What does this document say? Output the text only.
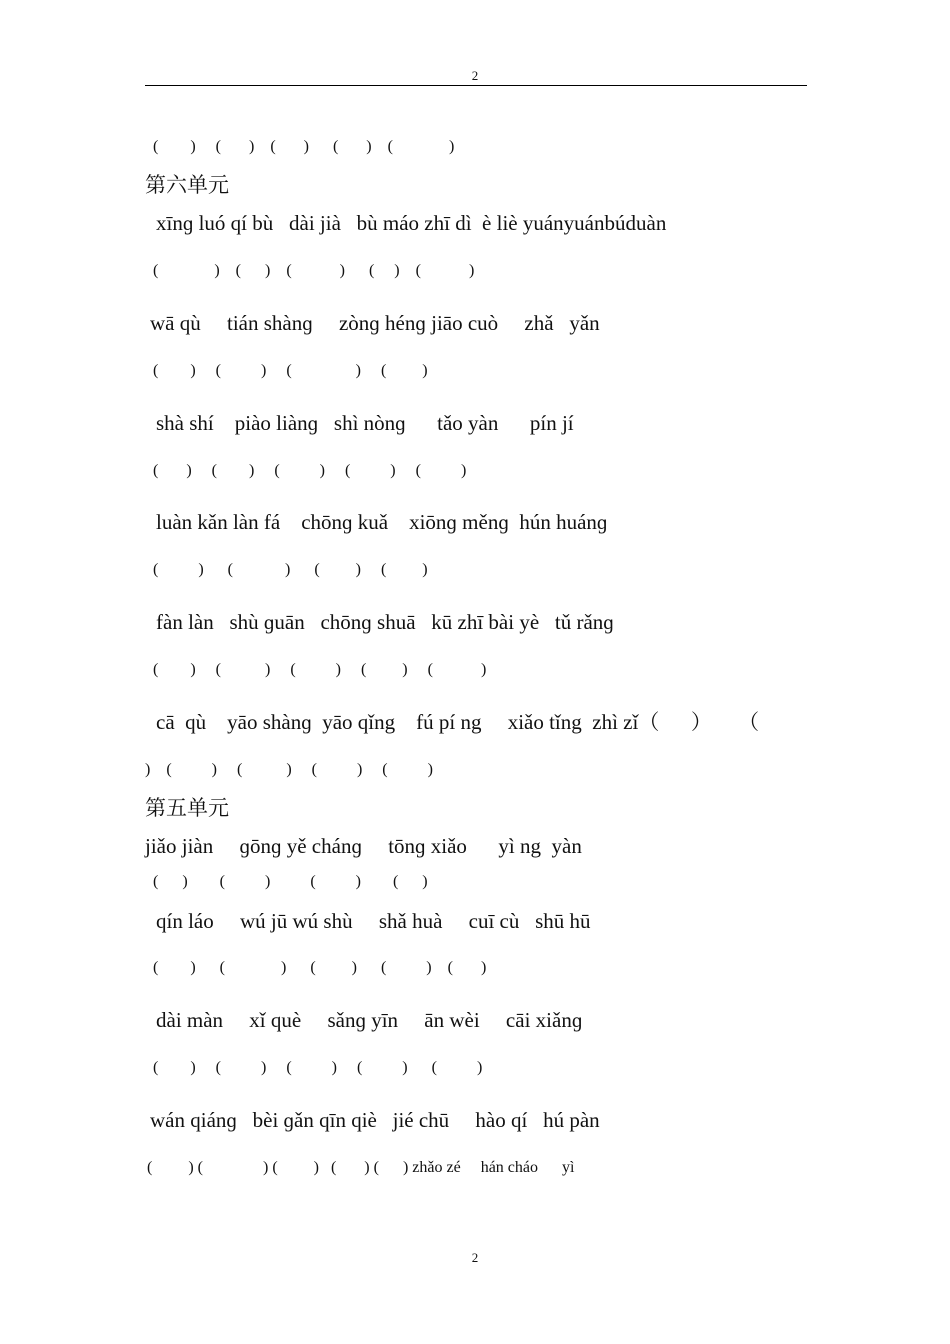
2
(        )     (       )    (       )      (       )    (              )
第六单元
xīnɡ luó qí bù   dài jià   bù máo zhī dì  è liè yuányuánbúduàn
(              )    (      )    (            )      (     )    (            )
wā qù     tián shànɡ     zònɡ hénɡ jiāo cuò     zhǎ   yǎn
(        )     (          )     (                )     (         )
shà shí    piào liànɡ   shì nònɡ      tǎo yàn      pín jí
(       )     (        )     (          )     (          )     (          )
luàn kǎn làn fá    chōnɡ kuǎ    xiōnɡ měnɡ  hún huánɡ
(          )      (             )      (         )     (         )
fàn làn   shù ɡuān   chōnɡ shuā   kū zhī bài yè   tǔ rǎnɡ
(        )     (           )     (          )     (         )     (            )
cā  qù    yāo shànɡ  yāo qǐng    fú pí ng     xiǎo tǐng  zhì zǐ（      ）     （
)    (          )     (           )     (          )     (          )
第五单元
jiǎo jiàn     ɡōnɡ yě chánɡ     tōnɡ xiǎo      yì ng  yàn
(      )        (          )          (          )        (      )
qín láo     wú jū wú shù     shǎ huà     cuī cù   shū hū
(        )      (              )      (         )      (          )    (       )
dài màn     xǐ què     sǎnɡ yīn     ān wèi     cāi xiǎnɡ
(        )     (          )     (          )     (          )      (          )
wán qiánɡ   bèi ɡǎn qīn qiè   jié chū     hào qí   hú pàn
(         ) (               ) (         )   (       ) (      ) zhǎo zé     hán cháo      yì
2
